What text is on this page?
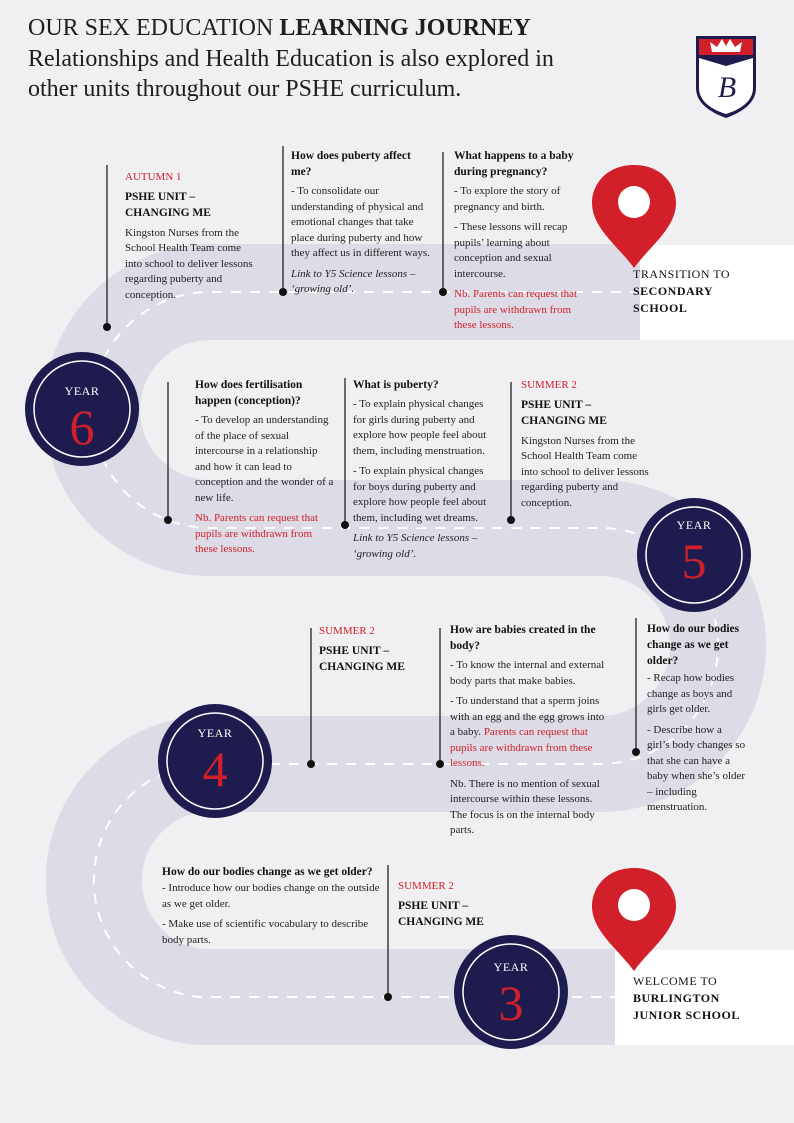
B
OUR SEX EDUCATION LEARNING JOURNEY
Relationships and Health Education is also explored in
other units throughout our PSHE curriculum.
YEAR
6
YEAR
5
YEAR
4
YEAR
3
TRANSITION TO
SECONDARY
SCHOOL
WELCOME TO
BURLINGTON
JUNIOR SCHOOL
AUTUMN 1
PSHE UNIT –
CHANGING ME

Kingston Nurses from the School Health Team come into school to deliver lessons regarding puberty and conception.

How does puberty affect me?

- To consolidate our understanding of physical and emotional changes that take place during puberty and how they affect us in different ways.

Link to Y5 Science lessons – ‘growing old’.

What happens to a baby during pregnancy?

- To explore the story of pregnancy and birth.

- These lessons will recap pupils’ learning about conception and sexual intercourse.

Nb. Parents can request that pupils are withdrawn from these lessons.

How does fertilisation happen (conception)?

- To develop an understanding of the place of sexual intercourse in a relationship and how it can lead to conception and the wonder of a new life.

Nb. Parents can request that pupils are withdrawn from these lessons.

What is puberty?

- To explain physical changes for girls during puberty and explore how people feel about them, including menstruation.

- To explain physical changes for boys during puberty and explore how people feel about them, including wet dreams.

Link to Y5 Science lessons – ‘growing old’.

SUMMER 2
PSHE UNIT –
CHANGING ME

Kingston Nurses from the School Health Team come into school to deliver lessons regarding puberty and conception.

How do our bodies change as we get older?

- Recap how bodies change as boys and girls get older.

- Describe how a girl’s body changes so that she can have a baby when she’s older – including menstruation.

SUMMER 2
PSHE UNIT –
CHANGING ME
How are babies created in the body?

- To know the internal and external body parts that make babies.

- To understand that a sperm joins with an egg and the egg grows into a baby. Parents can request that pupils are withdrawn from these lessons.

Nb. There is no mention of sexual intercourse within these lessons. The focus is on the internal body parts.

How do our bodies change as we get older?

- Introduce how our bodies change on the outside as we get older.

- Make use of scientific vocabulary to describe body parts.

SUMMER 2
PSHE UNIT –
CHANGING ME
